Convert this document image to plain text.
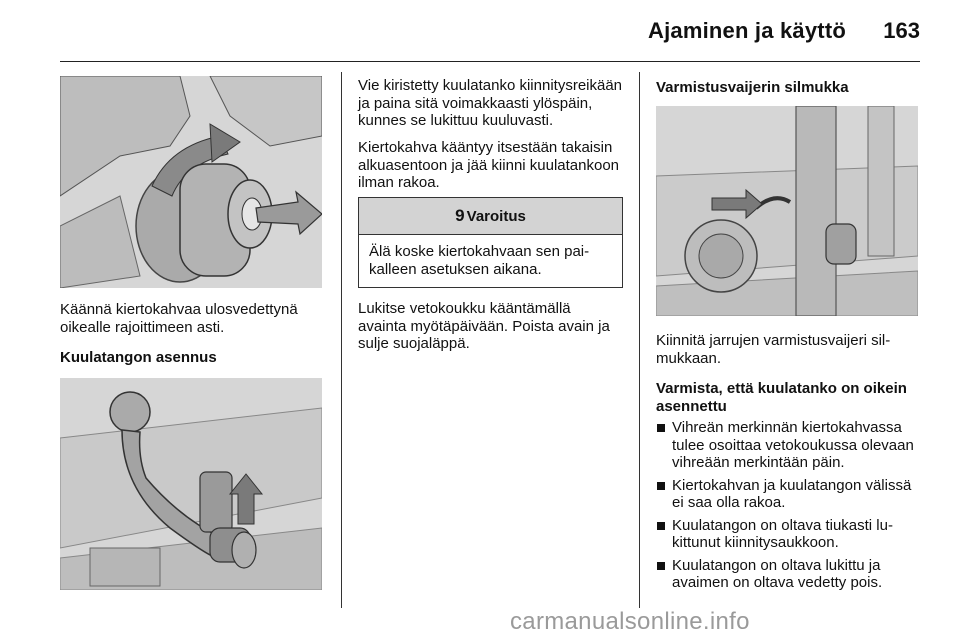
Ajaminen ja käyttö	163

Käännä kiertokahvaa ulosvedettynä oikealle rajoittimeen asti.

Kuulatangon asennus

Vie kiristetty kuulatanko kiinnitysreikään ja paina sitä voimakkaasti ylöspäin, kunnes se lukittuu kuuluvasti.

Kiertokahva kääntyy itsestään takaisin alkuasentoon ja jää kiinni kuulatankoon ilman rakoa.

9 Varoitus
Älä koske kiertokahvaan sen paikalleen asetuksen aikana.

Lukitse vetokoukku kääntämällä avainta myötäpäivään. Poista avain ja sulje suojaläppä.

Varmistusvaijerin silmukka

Kiinnitä jarrujen varmistusvaijeri silmukkaan.

Varmista, että kuulatanko on oikein asennettu

Vihreän merkinnän kiertokahvassa tulee osoittaa vetokoukussa olevaan vihreään merkintään päin.
Kiertokahvan ja kuulatangon välissä ei saa olla rakoa.
Kuulatangon on oltava tiukasti lukittunut kiinnitysaukkoon.
Kuulatangon on oltava lukittu ja avaimen on oltava vedetty pois.
carmanualsonline.info
